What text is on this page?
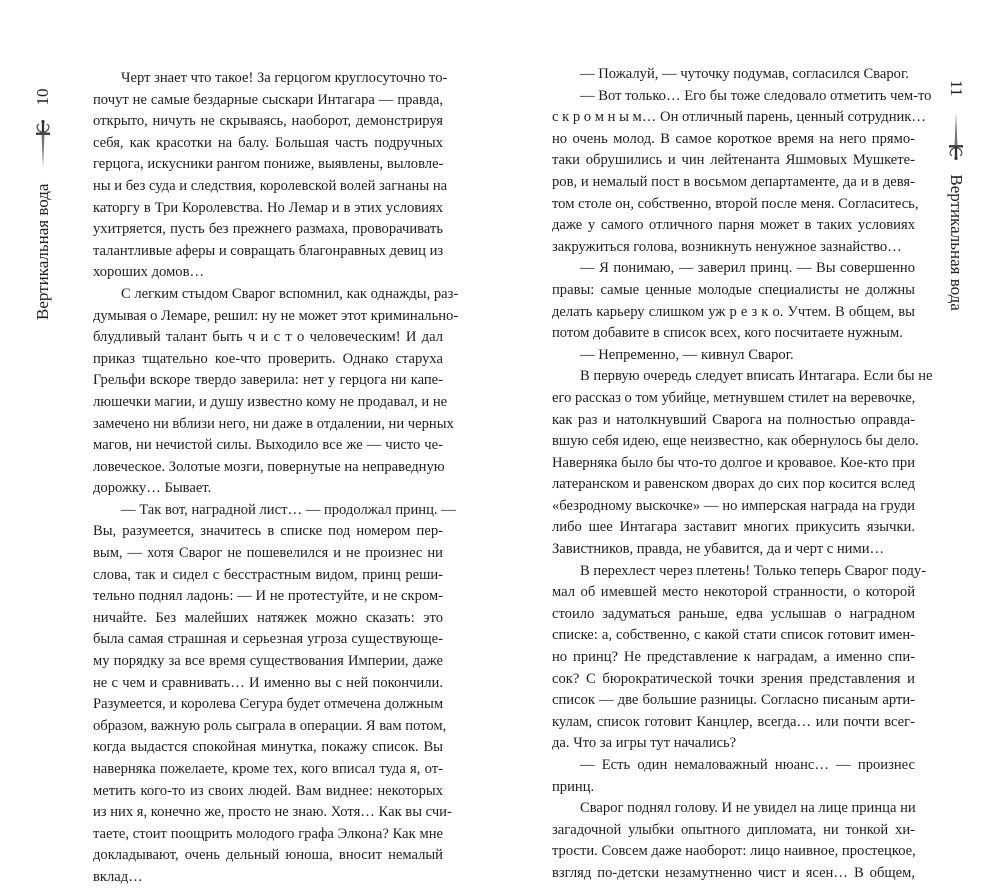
10
Вертикальная вода
Черт знает что такое! За герцогом круглосуточно то-
почут не самые бездарные сыскари Интагара — правда,
открыто, ничуть не скрываясь, наоборот, демонстрируя
себя, как красотки на балу. Большая часть подручных
герцога, искусники рангом пониже, выявлены, выловле-
ны и без суда и следствия, королевской волей загнаны на
каторгу в Три Королевства. Но Лемар и в этих условиях
ухитряется, пусть без прежнего размаха, проворачивать
талантливые аферы и совращать благонравных девиц из
хороших домов…
С легким стыдом Сварог вспомнил, как однажды, раз-
думывая о Лемаре, решил: ну не может этот криминально-
блудливый талант быть ч и с т о человеческим! И дал
приказ тщательно кое-что проверить. Однако старуха
Грельфи вскоре твердо заверила: нет у герцога ни капе-
люшечки магии, и душу известно кому не продавал, и не
замечено ни вблизи него, ни даже в отдалении, ни черных
магов, ни нечистой силы. Выходило все же — чисто че-
ловеческое. Золотые мозги, повернутые на неправедную
дорожку… Бывает.
— Так вот, наградной лист… — продолжал принц. —
Вы, разумеется, значитесь в списке под номером пер-
вым, — хотя Сварог не пошевелился и не произнес ни
слова, так и сидел с бесстрастным видом, принц реши-
тельно поднял ладонь: — И не протестуйте, и не скром-
ничайте. Без малейших натяжек можно сказать: это
была самая страшная и серьезная угроза существующе-
му порядку за все время существования Империи, даже
не с чем и сравнивать… И именно вы с ней покончили.
Разумеется, и королева Сегура будет отмечена должным
образом, важную роль сыграла в операции. Я вам потом,
когда выдастся спокойная минутка, покажу список. Вы
наверняка пожелаете, кроме тех, кого вписал туда я, от-
метить кого-то из своих людей. Вам виднее: некоторых
из них я, конечно же, просто не знаю. Хотя… Как вы счи-
таете, стоит поощрить молодого графа Элкона? Как мне
докладывают, очень дельный юноша, вносит немалый
вклад…
— Пожалуй, — чуточку подумав, согласился Сварог.
— Вот только… Его бы тоже следовало отметить чем-то
с к р о м н ы м… Он отличный парень, ценный сотрудник…
но очень молод. В самое короткое время на него прямо-
таки обрушились и чин лейтенанта Яшмовых Мушкете-
ров, и немалый пост в восьмом департаменте, да и в девя-
том столе он, собственно, второй после меня. Согласитесь,
даже у самого отличного парня может в таких условиях
закружиться голова, возникнуть ненужное зазнайство…
— Я понимаю, — заверил принц. — Вы совершенно
правы: самые ценные молодые специалисты не должны
делать карьеру слишком уж р е з к о. Учтем. В общем, вы
потом добавите в список всех, кого посчитаете нужным.
— Непременно, — кивнул Сварог.
В первую очередь следует вписать Интагара. Если бы не
его рассказ о том убийце, метнувшем стилет на веревочке,
как раз и натолкнувший Сварога на полностью оправда-
вшую себя идею, еще неизвестно, как обернулось бы дело.
Наверняка было бы что-то долгое и кровавое. Кое-кто при
латеранском и равенском дворах до сих пор косится вслед
«безродному выскочке» — но имперская награда на груди
либо шее Интагара заставит многих прикусить язычки.
Завистников, правда, не убавится, да и черт с ними…
В перехлест через плетень! Только теперь Сварог поду-
мал об имевшей место некоторой странности, о которой
стоило задуматься раньше, едва услышав о наградном
списке: а, собственно, с какой стати список готовит имен-
но принц? Не представление к наградам, а именно спи-
сок? С бюрократической точки зрения представления и
список — две большие разницы. Согласно писаным арти-
кулам, список готовит Канцлер, всегда… или почти всег-
да. Что за игры тут начались?
— Есть один немаловажный нюанс… — произнес
принц.
Сварог поднял голову. И не увидел на лице принца ни
загадочной улыбки опытного дипломата, ни тонкой хи-
трости. Совсем даже наоборот: лицо наивное, простецкое,
взгляд по-детски незамутненно чист и ясен… В общем,
11
Вертикальная вода
